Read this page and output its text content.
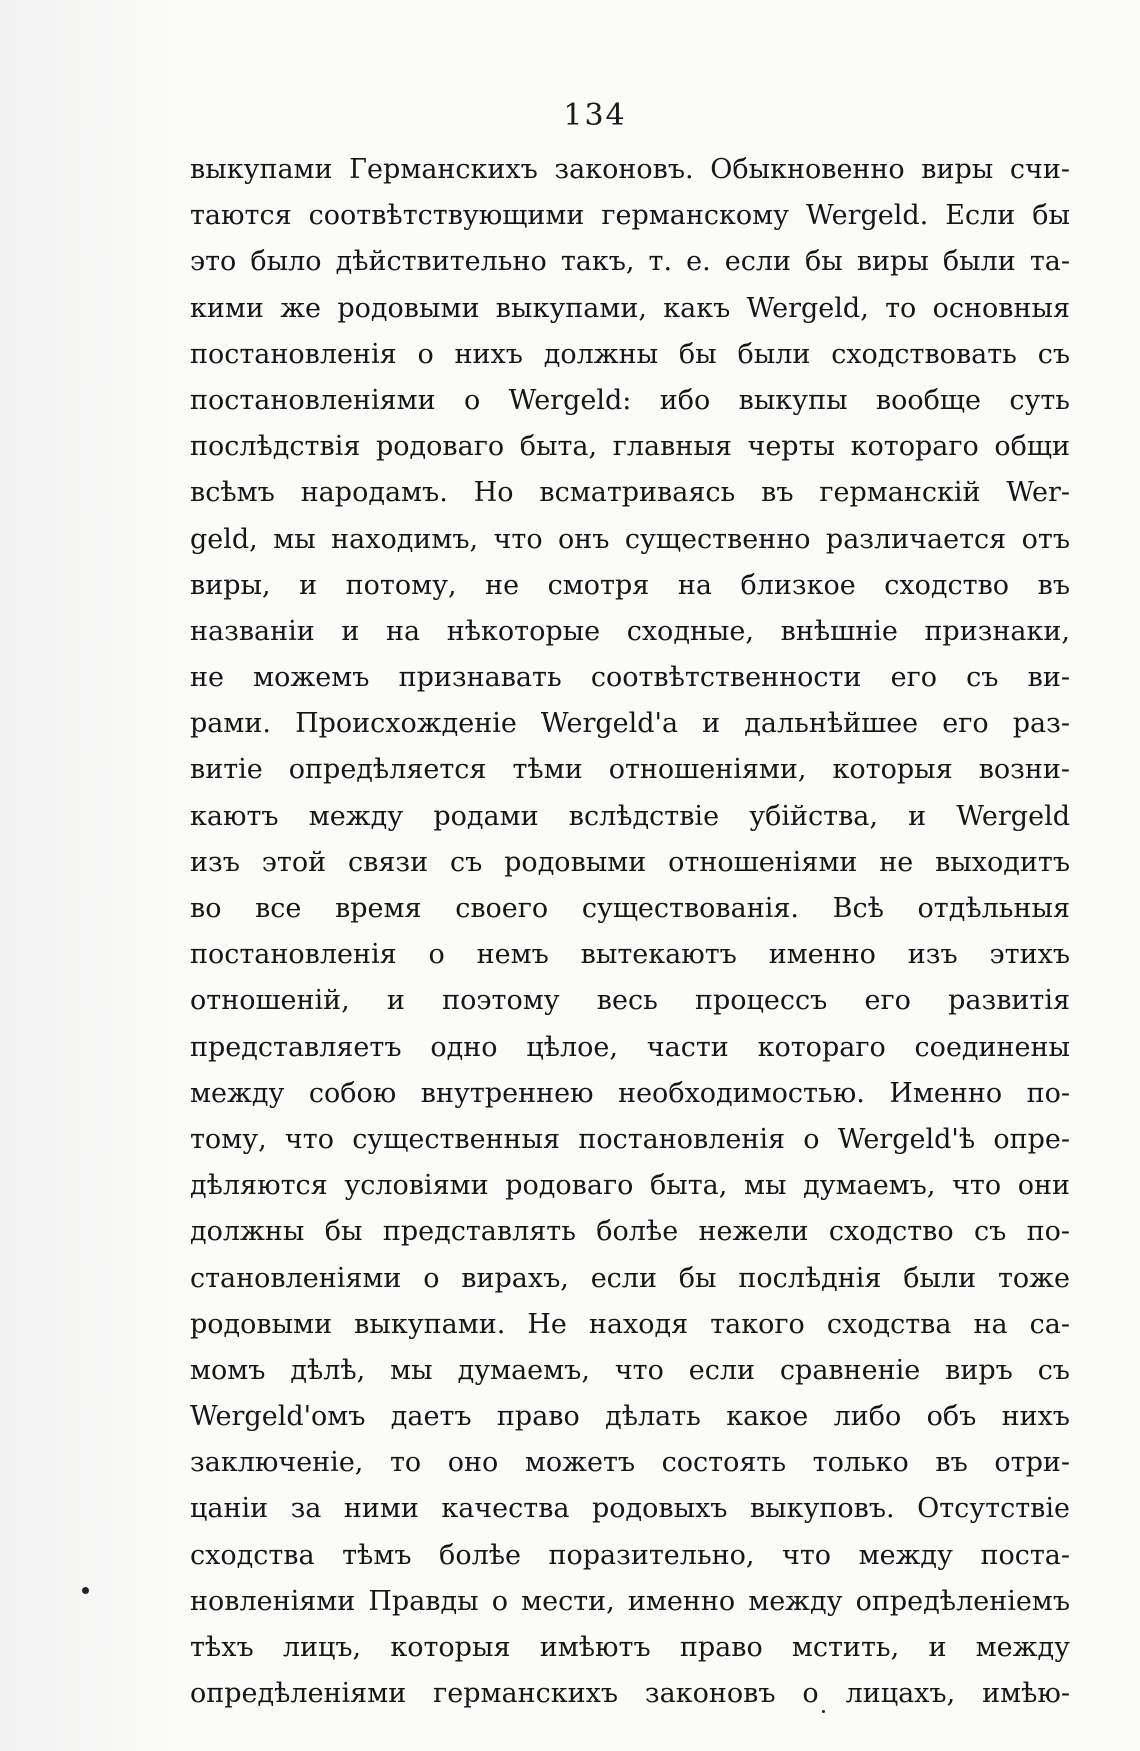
134
выкупами Германскихъ законовъ. Обыкновенно виры счи-
таются соотвѣтствующими германскому Wergeld. Если бы
это было дѣйствительно такъ, т. е. если бы виры были та-
кими же родовыми выкупами, какъ Wergeld, то основныя
постановленія о нихъ должны бы были сходствовать съ
постановленіями о Wergeld: ибо выкупы вообще суть
послѣдствія родоваго быта, главныя черты котораго общи
всѣмъ народамъ. Но всматриваясь въ германскій Wer-
geld, мы находимъ, что онъ существенно различается отъ
виры, и потому, не смотря на близкое сходство въ
названіи и на нѣкоторые сходные, внѣшніе признаки,
не можемъ признавать соотвѣтственности его съ ви-
рами. Происхожденіе Wergeld'а и дальнѣйшее его раз-
витіе опредѣляется тѣми отношеніями, которыя возни-
каютъ между родами вслѣдствіе убійства, и Wergeld
изъ этой связи съ родовыми отношеніями не выходитъ
во все время своего существованія. Всѣ отдѣльныя
постановленія о немъ вытекаютъ именно изъ этихъ
отношеній, и поэтому весь процессъ его развитія
представляетъ одно цѣлое, части котораго соединены
между собою внутреннею необходимостью. Именно по-
тому, что существенныя постановленія о Wergeld'ѣ опре-
дѣляются условіями родоваго быта, мы думаемъ, что они
должны бы представлять болѣе нежели сходство съ по-
становленіями о вирахъ, если бы послѣднія были тоже
родовыми выкупами. Не находя такого сходства на са-
момъ дѣлѣ, мы думаемъ, что если сравненіе виръ съ
Wergeld'омъ даетъ право дѣлать какое либо объ нихъ
заключеніе, то оно можетъ состоять только въ отри-
цаніи за ними качества родовыхъ выкуповъ. Отсутствіе
сходства тѣмъ болѣе поразительно, что между поста-
новленіями Правды о мести, именно между опредѣленіемъ
тѣхъ лицъ, которыя имѣютъ право мстить, и между
опредѣленіями германскихъ законовъ о лицахъ, имѣю-
